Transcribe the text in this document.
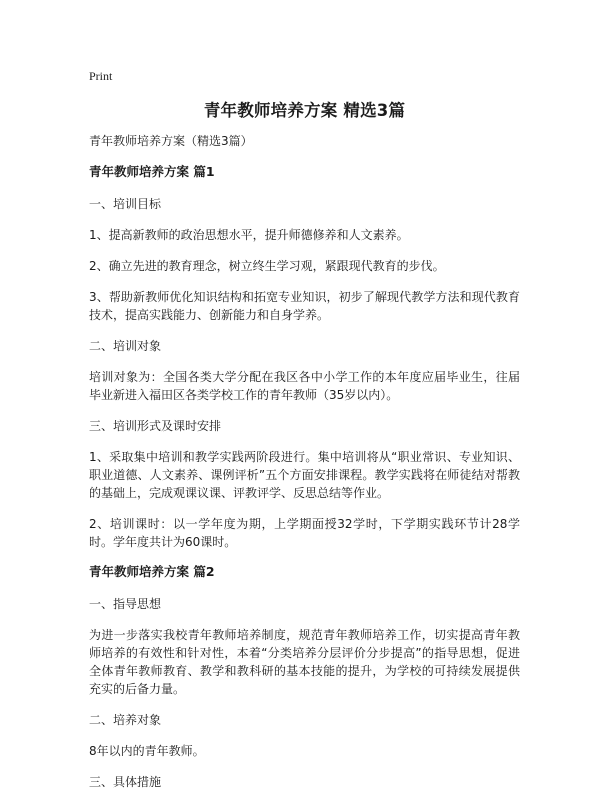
Print
青年教师培养方案 精选3篇
青年教师培养方案（精选3篇）
青年教师培养方案 篇1
一、培训目标
1、提高新教师的政治思想水平，提升师德修养和人文素养。
2、确立先进的教育理念，树立终生学习观，紧跟现代教育的步伐。
3、帮助新教师优化知识结构和拓宽专业知识，初步了解现代教学方法和现代教育技术，提高实践能力、创新能力和自身学养。
二、培训对象
培训对象为：全国各类大学分配在我区各中小学工作的本年度应届毕业生，往届毕业新进入福田区各类学校工作的青年教师（35岁以内）。
三、培训形式及课时安排
1、采取集中培训和教学实践两阶段进行。集中培训将从“职业常识、专业知识、职业道德、人文素养、课例评析”五个方面安排课程。教学实践将在师徒结对帮教的基础上，完成观课议课、评教评学、反思总结等作业。
2、培训课时：以一学年度为期，上学期面授32学时，下学期实践环节计28学时。学年度共计为60课时。
青年教师培养方案 篇2
一、指导思想
为进一步落实我校青年教师培养制度，规范青年教师培养工作，切实提高青年教师培养的有效性和针对性，本着“分类培养分层评价分步提高”的指导思想，促进全体青年教师教育、教学和教科研的基本技能的提升，为学校的可持续发展提供充实的后备力量。
二、培养对象
8年以内的青年教师。
三、具体措施
